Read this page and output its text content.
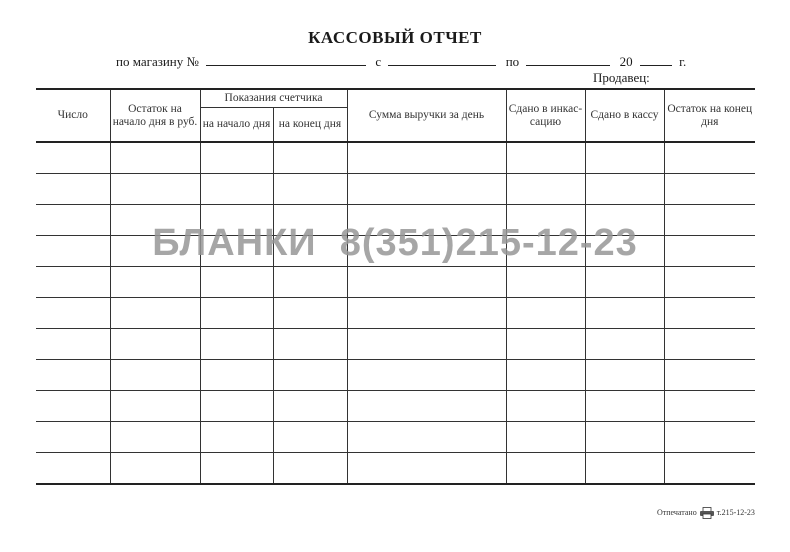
КАССОВЫЙ ОТЧЕТ
по магазину №	с	по	20	г.
Продавец:
Число	Остаток на начало дня в руб.	Показания счетчика		Сумма выручки за день	Сдано в инкас-сацию	Сдано в кассу	Остаток на конец дня
		на начало дня	на конец дня				

БЛАНКИ  8(351)215-12-23
Отпечатано	т.215-12-23
